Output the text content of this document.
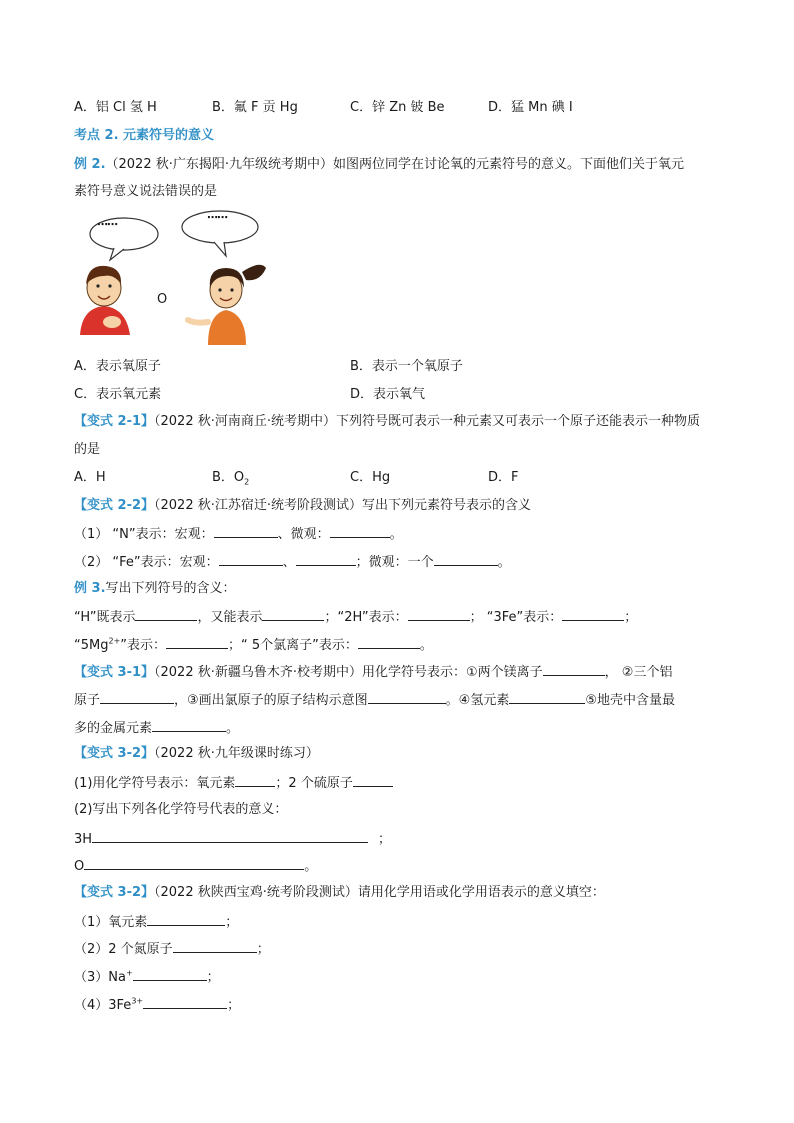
A．铝 Cl 氢 H	B．氟 F 贡 Hg	C．锌 Zn 铍 Be	D．猛 Mn 碘 I
考点 2. 元素符号的意义
例 2.（2022 秋·广东揭阳·九年级统考期中）如图两位同学在讨论氧的元素符号的意义。下面他们关于氧元
素符号意义说法错误的是
⋯⋯
⋯⋯
O
A．表示氧原子	B．表示一个氧原子
C．表示氧元素	D．表示氧气
【变式 2-1】（2022 秋·河南商丘·统考期中）下列符号既可表示一种元素又可表示一个原子还能表示一种物质
的是
A．H	B．$O_2$	C．Hg	D．F
【变式 2-2】（2022 秋·江苏宿迁·统考阶段测试）写出下列元素符号表示的含义
（1） “N”表示：宏观：	、微观：	。
（2） “Fe”表示：宏观：	、	；微观：一个	。
例 3.写出下列符号的含义：
“H”既表示	，又能表示	；“2H”表示：	； “3Fe”表示：	；
“$5Mg^{2+}$”表示：	；“ 5个氯离子”表示：	。
【变式 3-1】（2022 秋·新疆乌鲁木齐·校考期中）用化学符号表示：①两个镁离子	， ②三个铝
原子	，③画出氯原子的原子结构示意图	。④氢元素	⑤地壳中含量最
多的金属元素	。
【变式 3-2】（2022 秋·九年级课时练习）
(1)用化学符号表示：氧元素	；2 个硫原子
(2)写出下列各化学符号代表的意义：
3H	；
O	。
【变式 3-2】（2022 秋陕西宝鸡·统考阶段测试）请用化学用语或化学用语表示的意义填空：
（1）氧元素	；
（2）2 个氮原子	；
（3）Na+	；
$(4)3Fe^{3+}$	；
